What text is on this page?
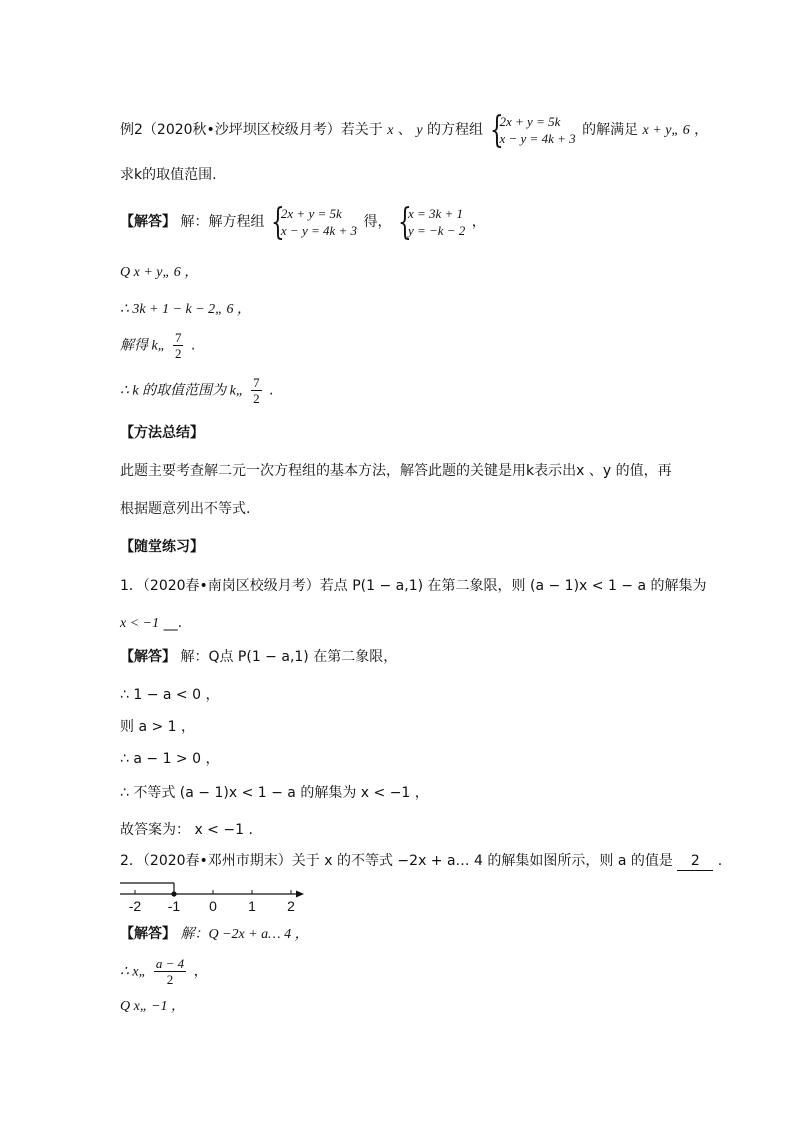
例2（2020秋•沙坪坝区校级月考）若关于 x 、 y 的方程组 {
2x + y = 5k
x − y = 4k + 3
的解满足 x + y„ 6 ，
求k的取值范围.
【解答】 解：解方程组 {
2x + y = 5k
x − y = 4k + 3
得， {
x = 3k + 1
y = −k − 2
，
Q x + y„ 6 ，
∴ 3k + 1 − k − 2„ 6 ，
解得 k„ $\frac{7}{2}$ .
∴ k 的取值范围为 k„ $\frac{7}{2}$ .
【方法总结】
此题主要考查解二元一次方程组的基本方法，解答此题的关键是用k表示出x 、y 的值，再
根据题意列出不等式.
【随堂练习】
1．（2020春•南岗区校级月考）若点 P(1 − a,1) 在第二象限，则 (a − 1)x < 1 − a 的解集为
x < −1 __.
【解答】 解：Q点 P(1 − a,1) 在第二象限，
∴ 1 − a < 0 ，
则 a > 1 ，
∴ a − 1 > 0 ，
∴ 不等式 (a − 1)x < 1 − a 的解集为 x < −1 ，
故答案为： x < −1 .
2．（2020春•邓州市期末）关于 x 的不等式 −2x + a… 4 的解集如图所示，则 a 的值是 2 .
-2 -1 0 1 2
【解答】 解：Q −2x + a… 4 ，
∴ x„ $\frac{a - 4}{2}$ ，
Q x„ −1 ，
